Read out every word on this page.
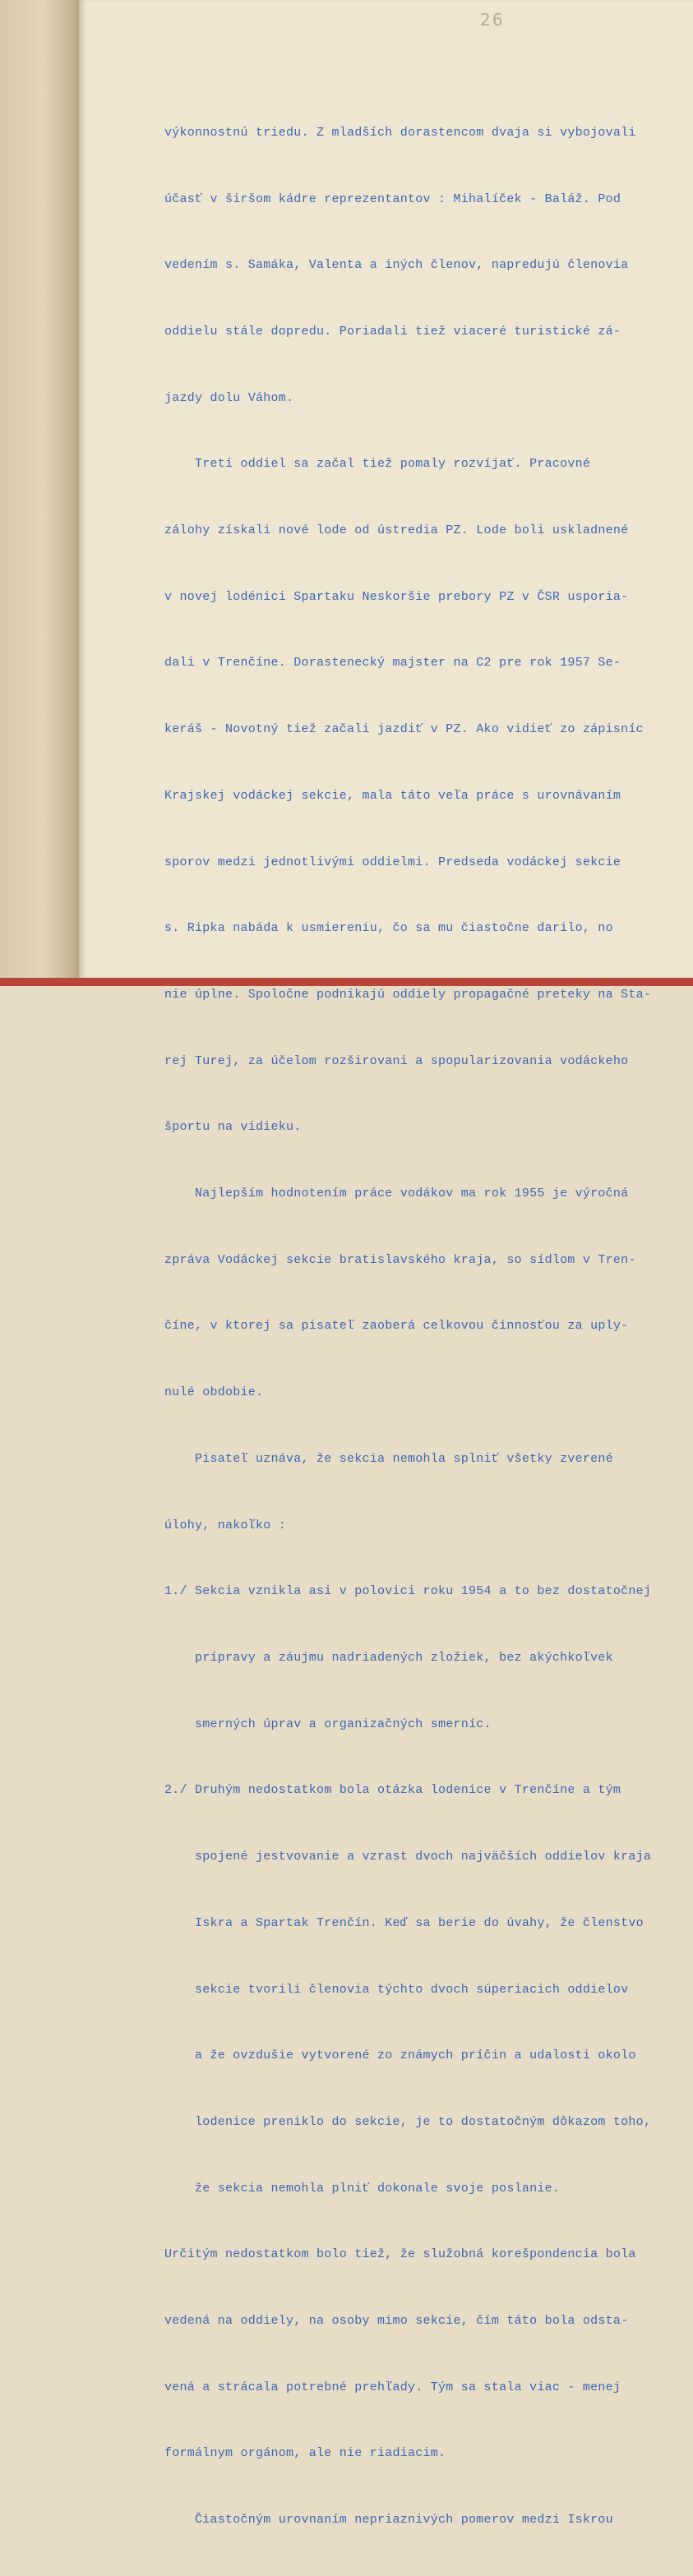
26

výkonnostnú triedu. Z mladších dorastencom dvaja si vybojovali

účasť v širšom kádre reprezentantov : Mihalíček - Baláž. Pod

vedením s. Samáka, Valenta a iných členov, napredujú členovia

oddielu stále dopredu. Poriadali tiež viaceré turistické zá-

jazdy dolu Váhom.

Tretí oddiel sa začal tiež pomaly rozvíjať. Pracovné

zálohy získali nové lode od ústredia PZ. Lode boli uskladnené

v novej lodénici Spartaku Neskoršie prebory PZ v ČSR usporia-

dali v Trenčíne. Dorastenecký majster na C2 pre rok 1957 Se-

keráš - Novotný tiež začali jazdiť v PZ. Ako vidieť zo zápisníc

Krajskej vodáckej sekcie, mala táto veľa práce s urovnávaním

sporov medzi jednotlivými oddielmi. Predseda vodáckej sekcie

s. Ripka nabáda k usmiereniu, čo sa mu čiastočne darilo, no

nie úplne. Spoločne podnikajú oddiely propagačné preteky na Sta-

rej Turej, za účelom rozširovani a spopularizovania vodáckeho

športu na vidieku.

Najlepším hodnotením práce vodákov ma rok 1955 je výročná

zpráva Vodáckej sekcie bratislavského kraja, so sídlom v Tren-

číne, v ktorej sa pisateľ zaoberá celkovou činnosťou za uply-

nulé obdobie.

Pisateľ uznáva, že sekcia nemohla splniť všetky zverené

úlohy, nakoľko :

1./ Sekcia vznikla asi v polovici roku 1954 a to bez dostatočnej

prípravy a záujmu nadriadených zložiek, bez akýchkoľvek

smerných úprav a organizačných smerníc.

2./ Druhým nedostatkom bola otázka lodenice v Trenčíne a tým

spojené jestvovanie a vzrast dvoch najväčších oddielov kraja

Iskra a Spartak Trenčín. Keď sa berie do úvahy, že členstvo

sekcie tvorili členovia týchto dvoch súperiacich oddielov

a že ovzdušie vytvorené zo známych príčin a udalosti okolo

lodenice preniklo do sekcie, je to dostatočným dôkazom toho,

že sekcia nemohla plniť dokonale svoje poslanie.

Určitým nedostatkom bolo tiež, že služobná korešpondencia bola

vedená na oddiely, na osoby mimo sekcie, čím táto bola odsta-

vená a strácala potrebné prehľady. Tým sa stala viac - menej

formálnym orgánom, ale nie riadiacim.

Čiastočným urovnaním nepriaznivých pomerov medzi Iskrou
